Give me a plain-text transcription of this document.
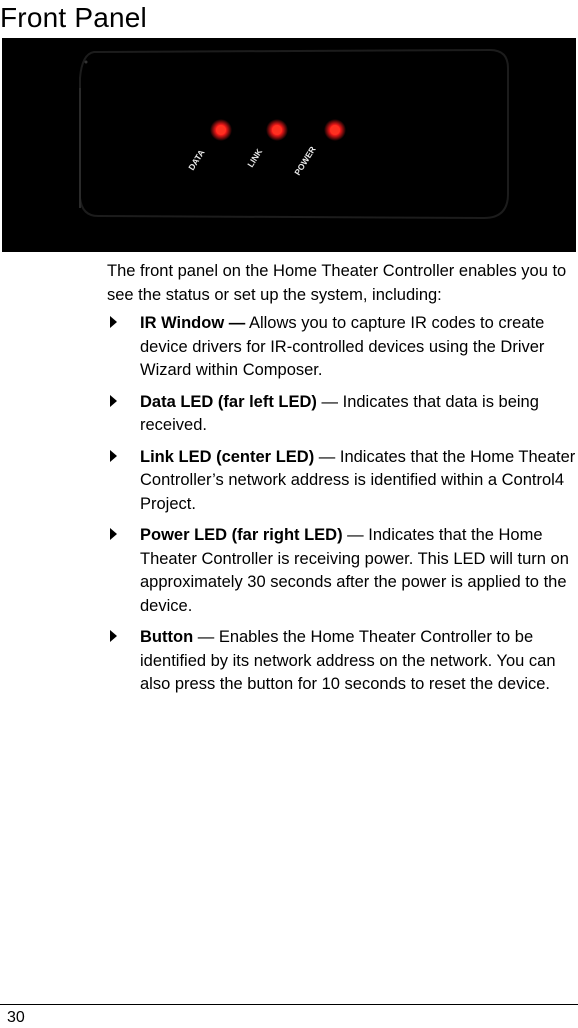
Front Panel
DATA	LINK	POWER
The front panel on the Home Theater Controller enables you to see the status or set up the system, including:
IR Window — Allows you to capture IR codes to create device drivers for IR-controlled devices using the Driver Wizard within Composer.
Data LED (far left LED) — Indicates that data is being received.
Link LED (center LED) — Indicates that the Home Theater Controller’s network address is identified within a Control4 Project.
Power LED (far right LED) — Indicates that the Home Theater Controller is receiving power. This LED will turn on approximately 30 seconds after the power is applied to the device.
Button — Enables the Home Theater Controller to be identified by its network address on the network. You can also press the button for 10 seconds to reset the device.
30
